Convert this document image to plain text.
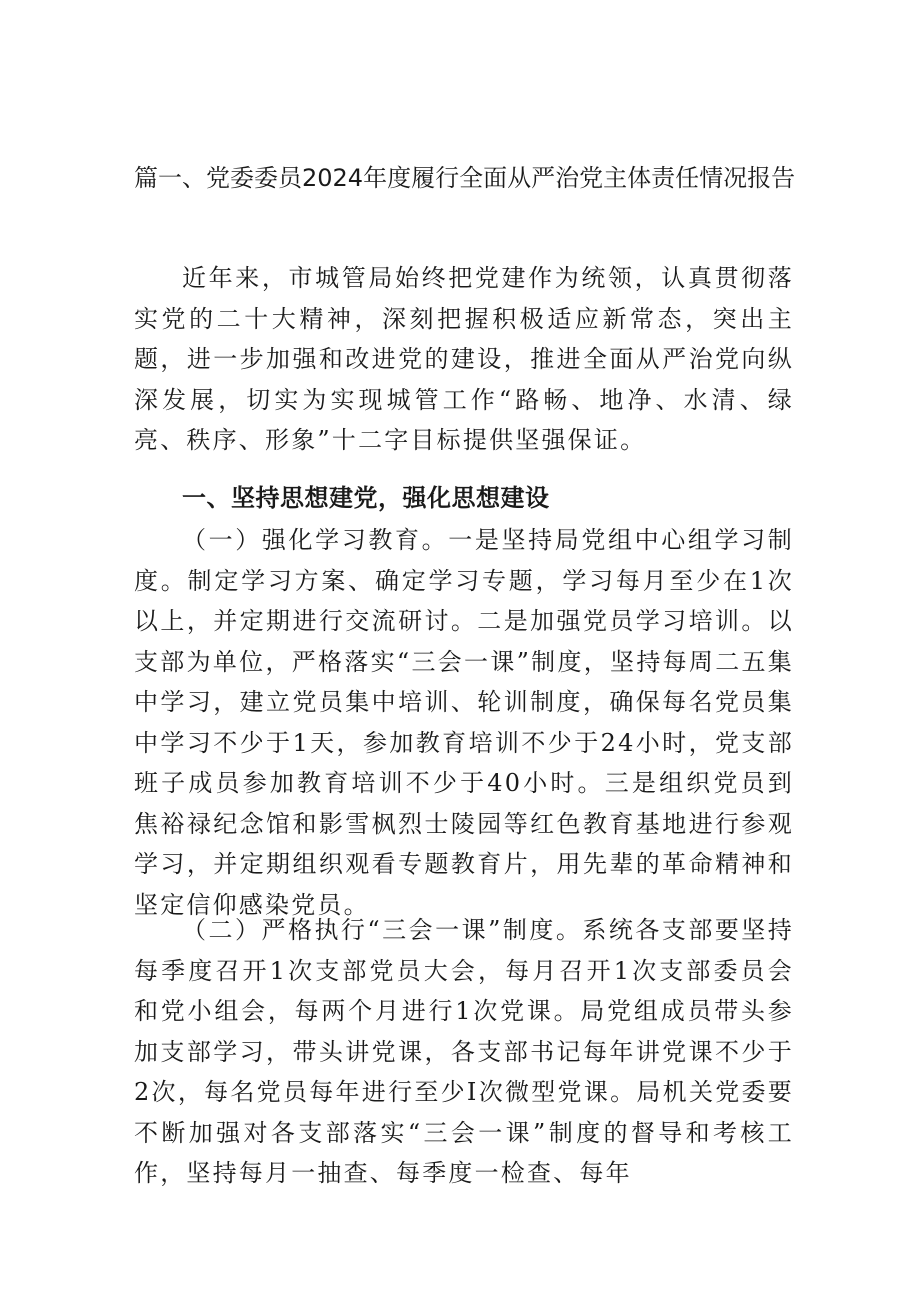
篇一、党委委员2024年度履行全面从严治党主体责任情况报告

近年来，市城管局始终把党建作为统领，认真贯彻落实党的二十大精神，深刻把握积极适应新常态，突出主题，进一步加强和改进党的建设，推进全面从严治党向纵深发展，切实为实现城管工作“路畅、地净、水清、绿亮、秩序、形象”十二字目标提供坚强保证。

一、坚持思想建党，强化思想建设

（一）强化学习教育。一是坚持局党组中心组学习制度。制定学习方案、确定学习专题，学习每月至少在1次以上，并定期进行交流研讨。二是加强党员学习培训。以支部为单位，严格落实“三会一课”制度，坚持每周二五集中学习，建立党员集中培训、轮训制度，确保每名党员集中学习不少于1天，参加教育培训不少于24小时，党支部班子成员参加教育培训不少于40小时。三是组织党员到焦裕禄纪念馆和影雪枫烈士陵园等红色教育基地进行参观学习，并定期组织观看专题教育片，用先辈的革命精神和坚定信仰感染党员。

（二）严格执行“三会一课”制度。系统各支部要坚持每季度召开1次支部党员大会，每月召开1次支部委员会和党小组会，每两个月进行1次党课。局党组成员带头参加支部学习，带头讲党课，各支部书记每年讲党课不少于2次，每名党员每年进行至少I次微型党课。局机关党委要不断加强对各支部落实“三会一课”制度的督导和考核工作，坚持每月一抽查、每季度一检查、每年
